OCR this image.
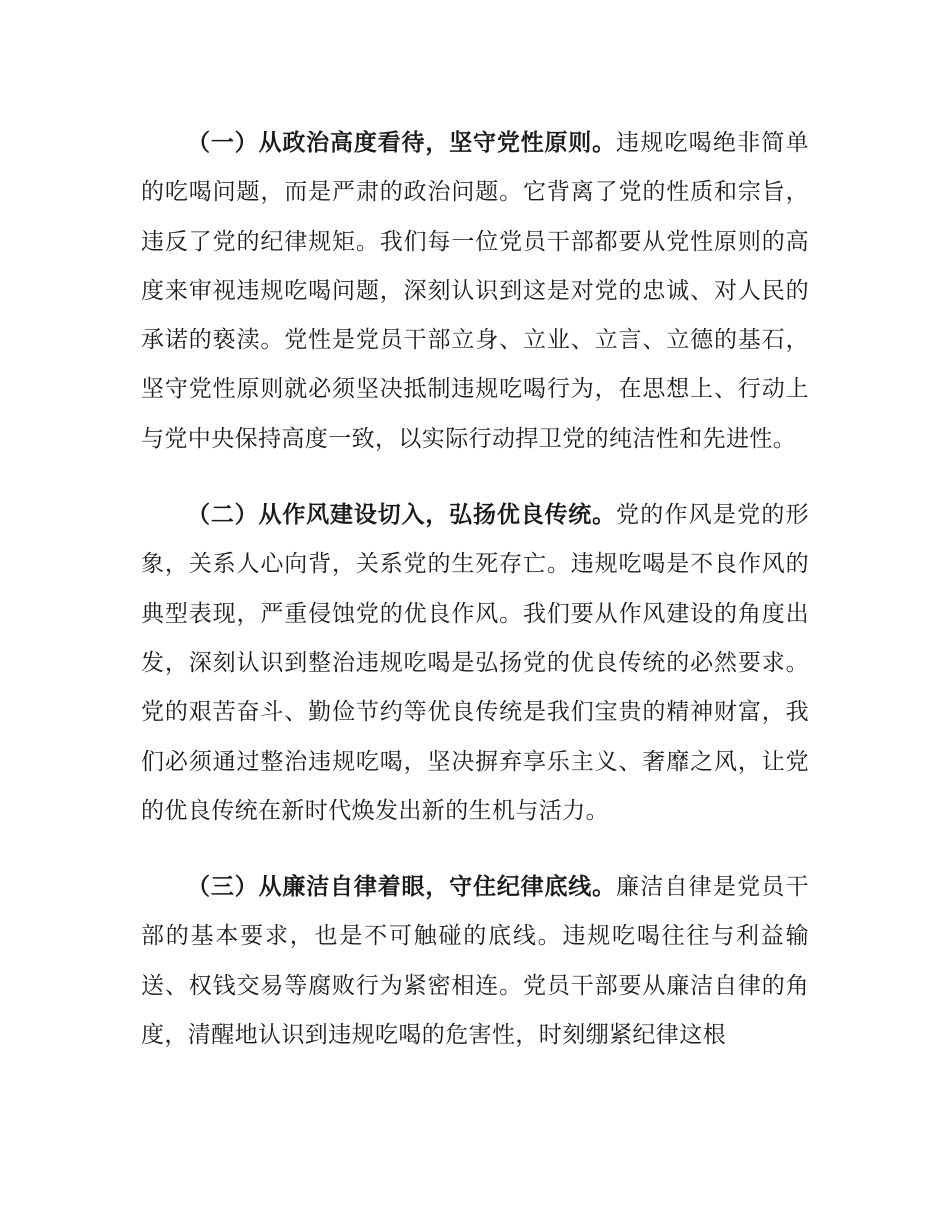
（一）从政治高度看待，坚守党性原则。违规吃喝绝非简单的吃喝问题，而是严肃的政治问题。它背离了党的性质和宗旨，违反了党的纪律规矩。我们每一位党员干部都要从党性原则的高度来审视违规吃喝问题，深刻认识到这是对党的忠诚、对人民的承诺的亵渎。党性是党员干部立身、立业、立言、立德的基石，坚守党性原则就必须坚决抵制违规吃喝行为，在思想上、行动上与党中央保持高度一致，以实际行动捍卫党的纯洁性和先进性。

（二）从作风建设切入，弘扬优良传统。党的作风是党的形象，关系人心向背，关系党的生死存亡。违规吃喝是不良作风的典型表现，严重侵蚀党的优良作风。我们要从作风建设的角度出发，深刻认识到整治违规吃喝是弘扬党的优良传统的必然要求。党的艰苦奋斗、勤俭节约等优良传统是我们宝贵的精神财富，我们必须通过整治违规吃喝，坚决摒弃享乐主义、奢靡之风，让党的优良传统在新时代焕发出新的生机与活力。

（三）从廉洁自律着眼，守住纪律底线。廉洁自律是党员干部的基本要求，也是不可触碰的底线。违规吃喝往往与利益输送、权钱交易等腐败行为紧密相连。党员干部要从廉洁自律的角度，清醒地认识到违规吃喝的危害性，时刻绷紧纪律这根
